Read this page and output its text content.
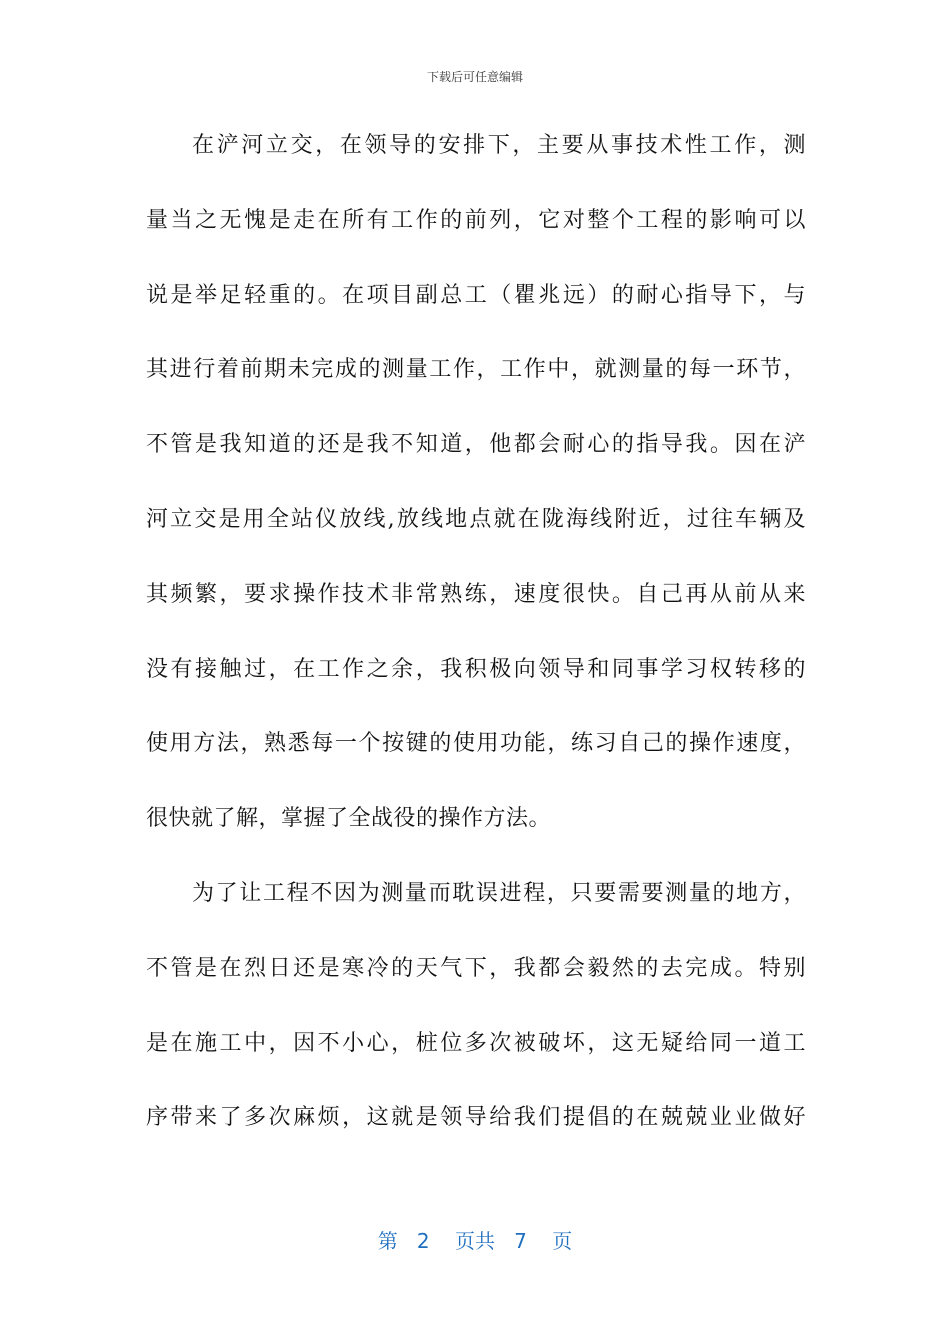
下载后可任意编辑
在浐河立交，在领导的安排下，主要从事技术性工作，测
量当之无愧是走在所有工作的前列，它对整个工程的影响可以
说是举足轻重的。在项目副总工（瞿兆远）的耐心指导下，与
其进行着前期未完成的测量工作，工作中，就测量的每一环节，
不管是我知道的还是我不知道，他都会耐心的指导我。因在浐
河立交是用全站仪放线,放线地点就在陇海线附近，过往车辆及
其频繁，要求操作技术非常熟练，速度很快。自己再从前从来
没有接触过，在工作之余，我积极向领导和同事学习权转移的
使用方法，熟悉每一个按键的使用功能，练习自己的操作速度，
很快就了解，掌握了全战役的操作方法。
为了让工程不因为测量而耽误进程，只要需要测量的地方，
不管是在烈日还是寒冷的天气下，我都会毅然的去完成。特别
是在施工中，因不小心，桩位多次被破坏，这无疑给同一道工
序带来了多次麻烦，这就是领导给我们提倡的在兢兢业业做好
第 2 页共 7 页
